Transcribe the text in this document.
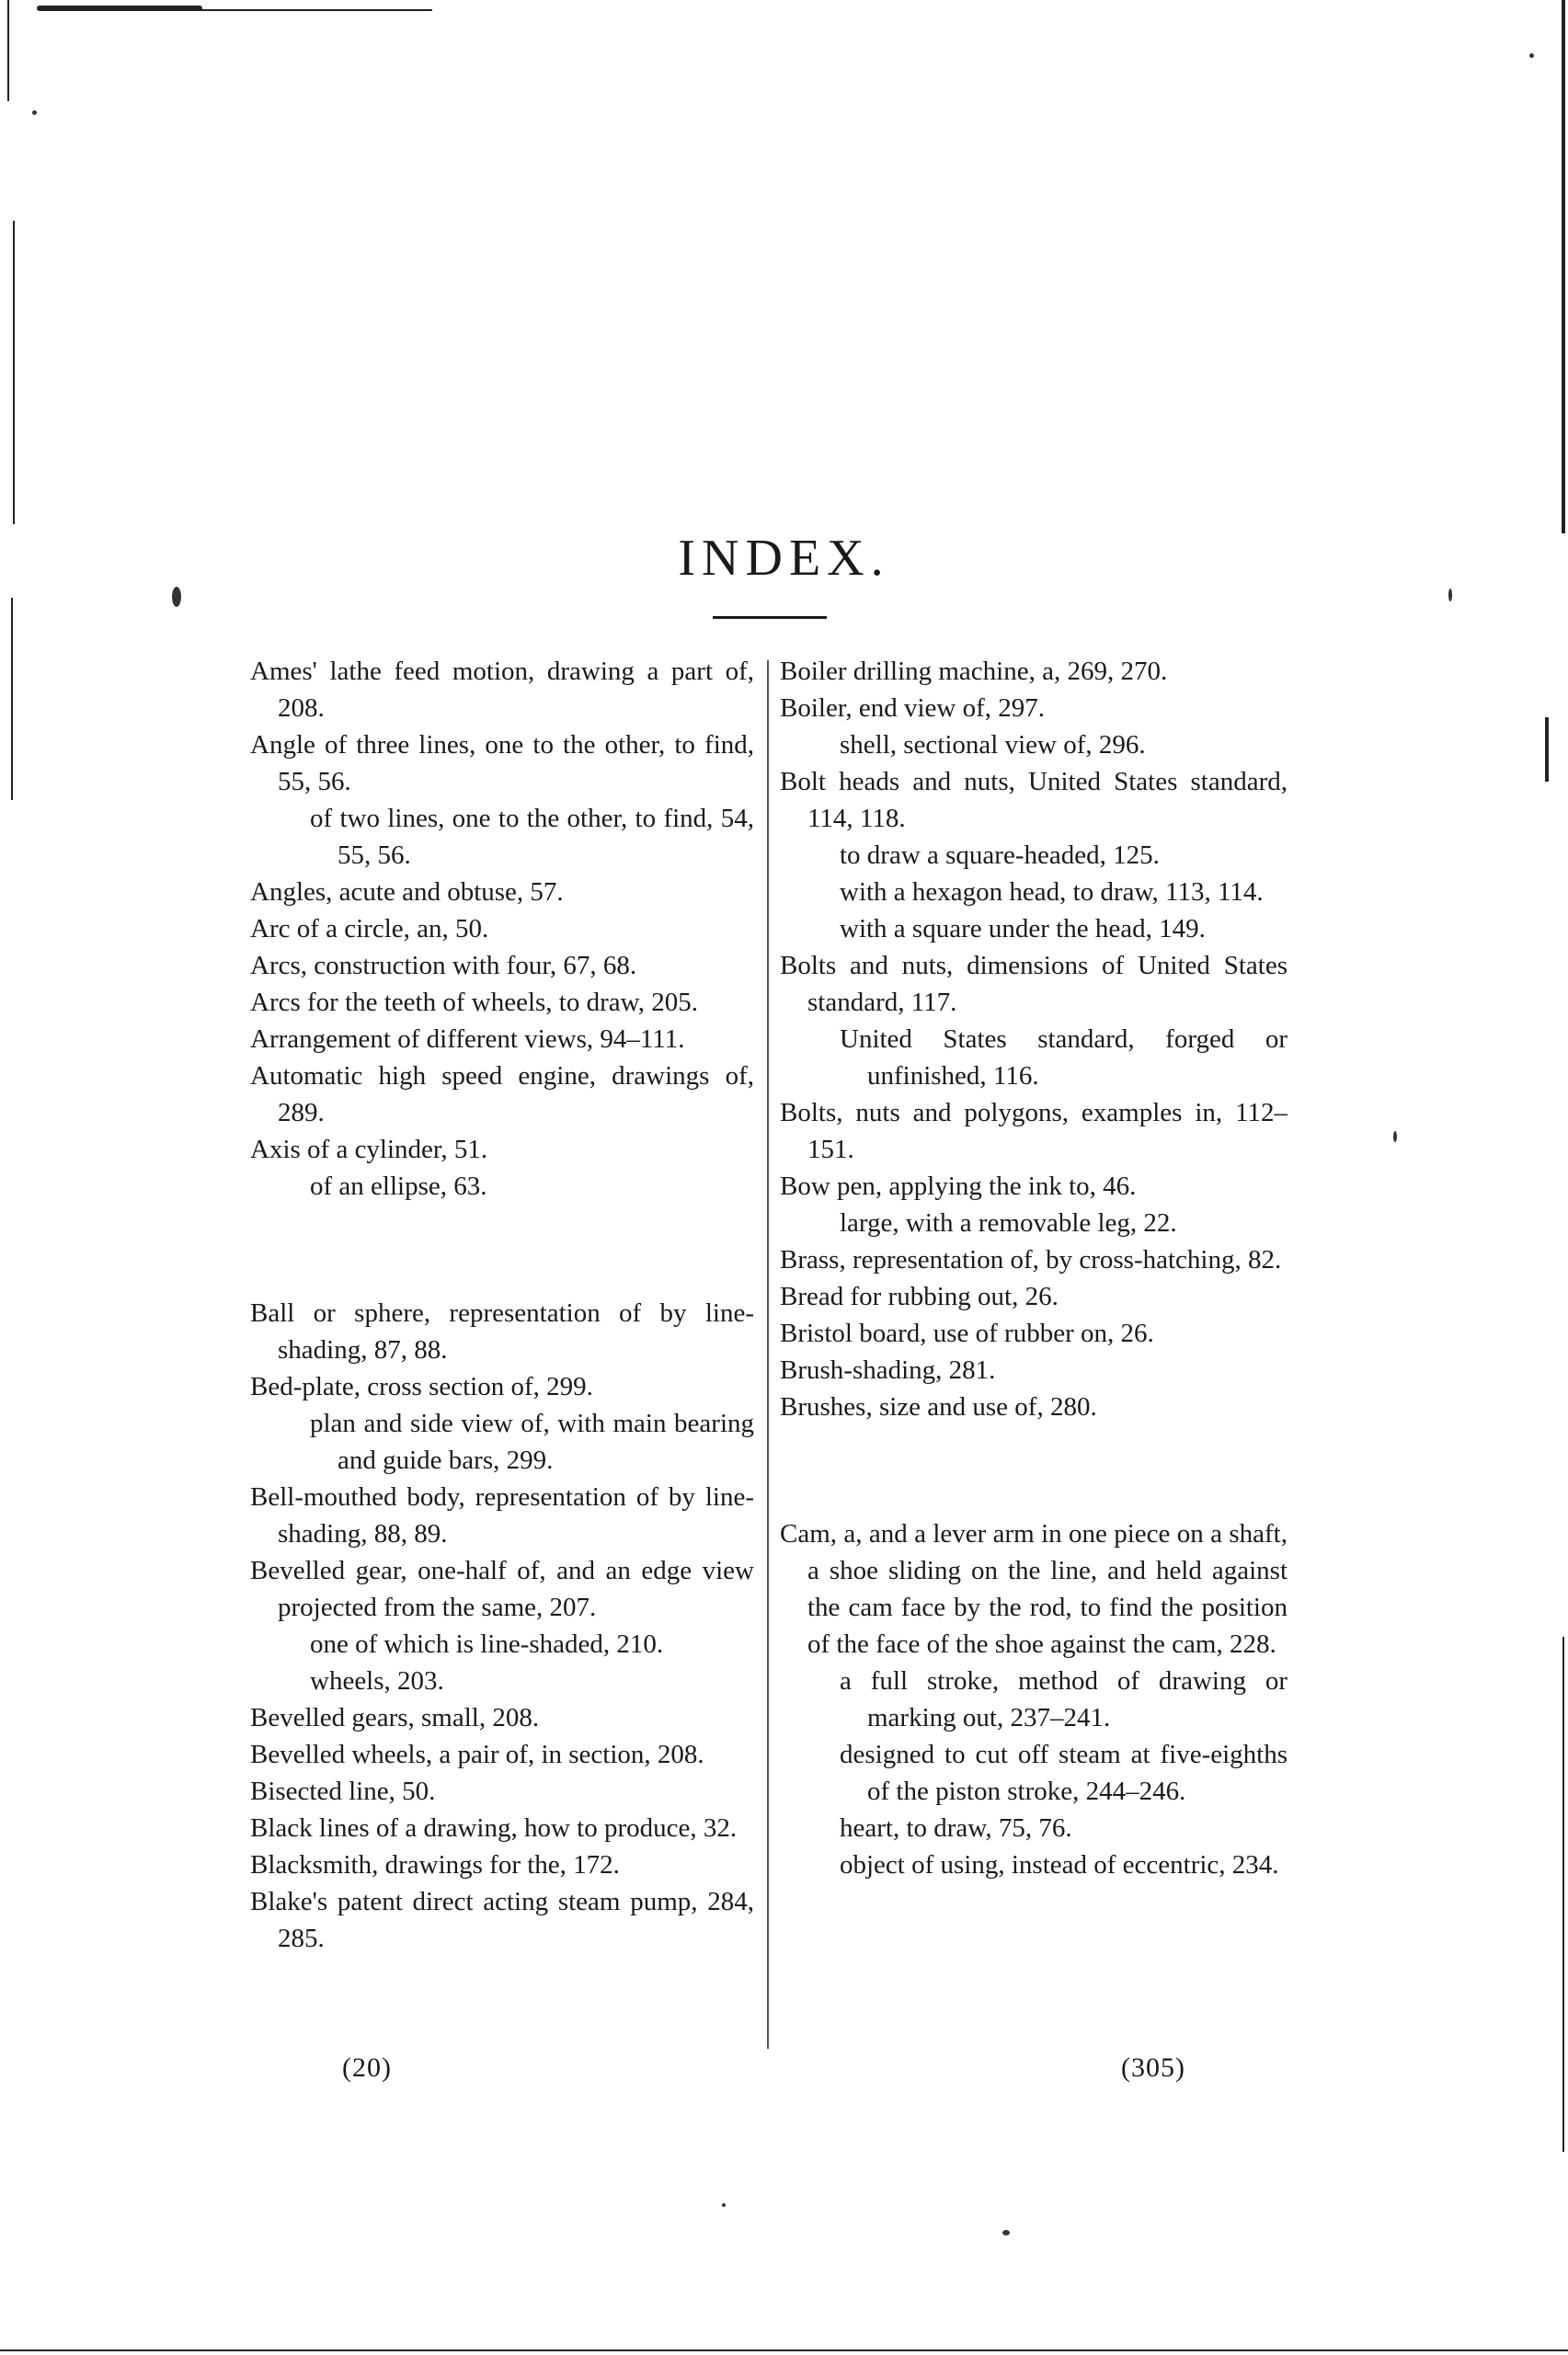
INDEX.

Ames' lathe feed motion, drawing a part of, 208.

Angle of three lines, one to the other, to find, 55, 56.

of two lines, one to the other, to find, 54, 55, 56.

Angles, acute and obtuse, 57.

Arc of a circle, an, 50.

Arcs, construction with four, 67, 68.

Arcs for the teeth of wheels, to draw, 205.

Arrangement of different views, 94–111.

Automatic high speed engine, drawings of, 289.

Axis of a cylinder, 51.

of an ellipse, 63.

Ball or sphere, representation of by line-shading, 87, 88.

Bed-plate, cross section of, 299.

plan and side view of, with main bearing and guide bars, 299.

Bell-mouthed body, representation of by line-shading, 88, 89.

Bevelled gear, one-half of, and an edge view projected from the same, 207.

one of which is line-shaded, 210.

wheels, 203.

Bevelled gears, small, 208.

Bevelled wheels, a pair of, in section, 208.

Bisected line, 50.

Black lines of a drawing, how to produce, 32.

Blacksmith, drawings for the, 172.

Blake's patent direct acting steam pump, 284, 285.

Boiler drilling machine, a, 269, 270.

Boiler, end view of, 297.

shell, sectional view of, 296.

Bolt heads and nuts, United States standard, 114, 118.

to draw a square-headed, 125.

with a hexagon head, to draw, 113, 114.

with a square under the head, 149.

Bolts and nuts, dimensions of United States standard, 117.

United States standard, forged or unfinished, 116.

Bolts, nuts and polygons, examples in, 112–151.

Bow pen, applying the ink to, 46.

large, with a removable leg, 22.

Brass, representation of, by cross-hatching, 82.

Bread for rubbing out, 26.

Bristol board, use of rubber on, 26.

Brush-shading, 281.

Brushes, size and use of, 280.

Cam, a, and a lever arm in one piece on a shaft, a shoe sliding on the line, and held against the cam face by the rod, to find the position of the face of the shoe against the cam, 228.

a full stroke, method of drawing or marking out, 237–241.

designed to cut off steam at five-eighths of the piston stroke, 244–246.

heart, to draw, 75, 76.

object of using, instead of eccentric, 234.

(20)	(305)
